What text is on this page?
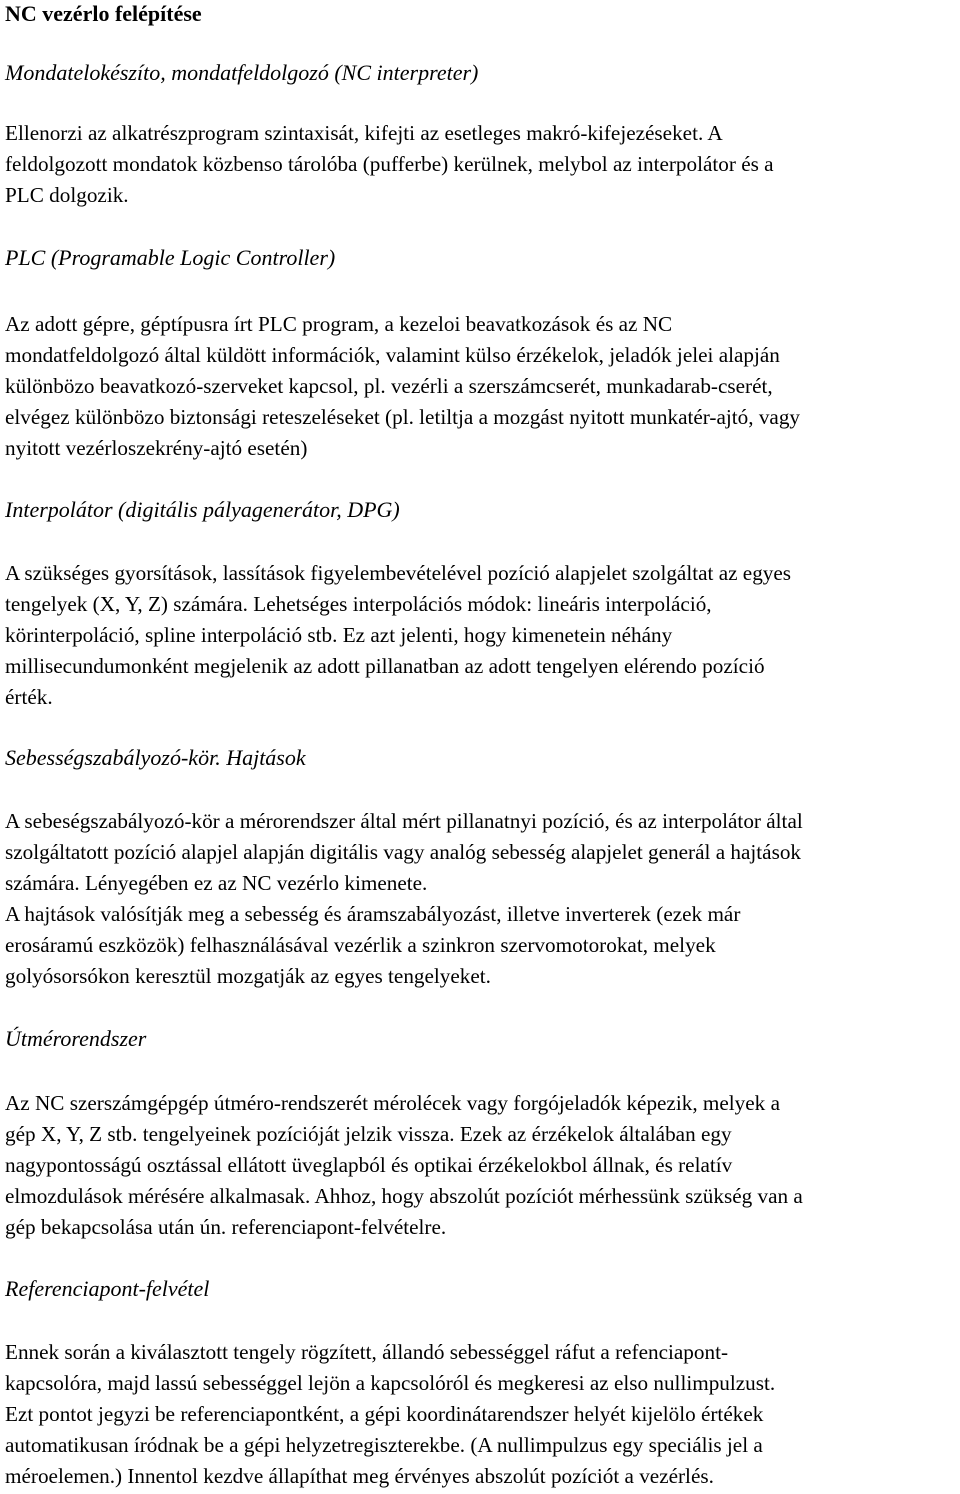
NC vezérlo felépítése
Mondatelokészíto, mondatfeldolgozó (NC interpreter)

Ellenorzi az alkatrészprogram szintaxisát, kifejti az esetleges makró-kifejezéseket. A
feldolgozott mondatok közbenso tárolóba (pufferbe) kerülnek, melybol az interpolátor és a
PLC dolgozik.

PLC (Programable Logic Controller)

Az adott gépre, géptípusra írt PLC program, a kezeloi beavatkozások és az NC
mondatfeldolgozó által küldött információk, valamint külso érzékelok, jeladók jelei alapján
különbözo beavatkozó-szerveket kapcsol, pl. vezérli a szerszámcserét, munkadarab-cserét,
elvégez különbözo biztonsági reteszeléseket (pl. letiltja a mozgást nyitott munkatér-ajtó, vagy
nyitott vezérloszekrény-ajtó esetén)

Interpolátor (digitális pályagenerátor, DPG)

A szükséges gyorsítások, lassítások figyelembevételével pozíció alapjelet szolgáltat az egyes
tengelyek (X, Y, Z) számára. Lehetséges interpolációs módok: lineáris interpoláció,
körinterpoláció, spline interpoláció stb. Ez azt jelenti, hogy kimenetein néhány
millisecundumonként megjelenik az adott pillanatban az adott tengelyen elérendo pozíció
érték.

Sebességszabályozó-kör. Hajtások

A sebeségszabályozó-kör a mérorendszer által mért pillanatnyi pozíció, és az interpolátor által
szolgáltatott pozíció alapjel alapján digitális vagy analóg sebesség alapjelet generál a hajtások
számára. Lényegében ez az NC vezérlo kimenete.
A hajtások valósítják meg a sebesség és áramszabályozást, illetve inverterek (ezek már
erosáramú eszközök) felhasználásával vezérlik a szinkron szervomotorokat, melyek
golyósorsókon keresztül mozgatják az egyes tengelyeket.

Útmérorendszer

Az NC szerszámgépgép útméro-rendszerét mérolécek vagy forgójeladók képezik, melyek a
gép X, Y, Z stb. tengelyeinek pozícióját jelzik vissza. Ezek az érzékelok általában egy
nagypontosságú osztással ellátott üveglapból és optikai érzékelokbol állnak, és relatív
elmozdulások mérésére alkalmasak. Ahhoz, hogy abszolút pozíciót mérhessünk szükség van a
gép bekapcsolása után ún. referenciapont-felvételre.

Referenciapont-felvétel

Ennek során a kiválasztott tengely rögzített, állandó sebességgel ráfut a refenciapont-
kapcsolóra, majd lassú sebességgel lejön a kapcsolóról és megkeresi az elso nullimpulzust.
Ezt pontot jegyzi be referenciapontként, a gépi koordinátarendszer helyét kijelölo értékek
automatikusan íródnak be a gépi helyzetregiszterekbe. (A nullimpulzus egy speciális jel a
méroelemen.) Innentol kezdve állapíthat meg érvényes abszolút pozíciót a vezérlés.
